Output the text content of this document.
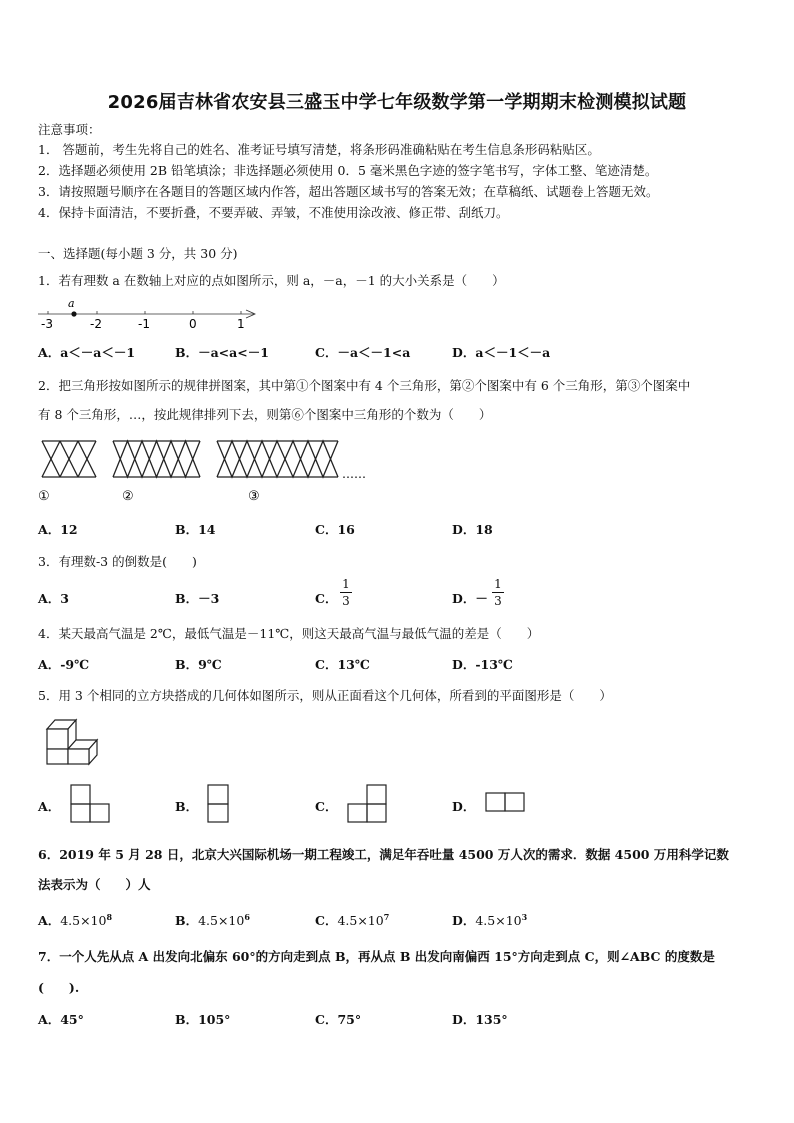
2026届吉林省农安县三盛玉中学七年级数学第一学期期末检测模拟试题
注意事项：
1． 答题前，考生先将自己的姓名、准考证号填写清楚，将条形码准确粘贴在考生信息条形码粘贴区。
2．选择题必须使用 2B 铅笔填涂；非选择题必须使用 0．5 毫米黑色字迹的签字笔书写，字体工整、笔迹清楚。
3．请按照题号顺序在各题目的答题区域内作答，超出答题区域书写的答案无效；在草稿纸、试题卷上答题无效。
4．保持卡面清洁，不要折叠，不要弄破、弄皱，不准使用涂改液、修正带、刮纸刀。
一、选择题(每小题 3 分，共 30 分)
1．若有理数 a 在数轴上对应的点如图所示，则 a，－a，－1 的大小关系是（　　）
a
-3	-2	-1	0	1
A．a＜－a＜－1	B．－a<a<－1	C．－a＜－1<a	D．a＜－1＜－a
2．把三角形按如图所示的规律拼图案，其中第①个图案中有 4 个三角形，第②个图案中有 6 个三角形，第③个图案中
有 8 个三角形，…，按此规律排列下去，则第⑥个图案中三角形的个数为（　　）
……
①	②	③
A．12	B．14	C．16	D．18
3．有理数-3 的倒数是(　　)
A．3	B．－3	C．
1
3	D．－
1
3
4．某天最高气温是 2℃，最低气温是－11℃，则这天最高气温与最低气温的差是（　　）
A．-9℃	B．9℃	C．13℃	D．-13℃
5．用 3 个相同的立方块搭成的几何体如图所示，则从正面看这个几何体，所看到的平面图形是（　　）
A．	B．	C．	D．
6．2019 年 5 月 28 日，北京大兴国际机场一期工程竣工，满足年吞吐量 4500 万人次的需求．数据 4500 万用科学记数
法表示为（　　）人
A．$4.5\times 10^8$	B．$4.5\times 10^6$	C．$4.5\times 10^7$	D．$4.5\times 10^3$
7．一个人先从点 A 出发向北偏东 60°的方向走到点 B，再从点 B 出发向南偏西 15°方向走到点 C，则∠ABC 的度数是
(　　).
A．45°	B．105°	C．75°	D．135°
